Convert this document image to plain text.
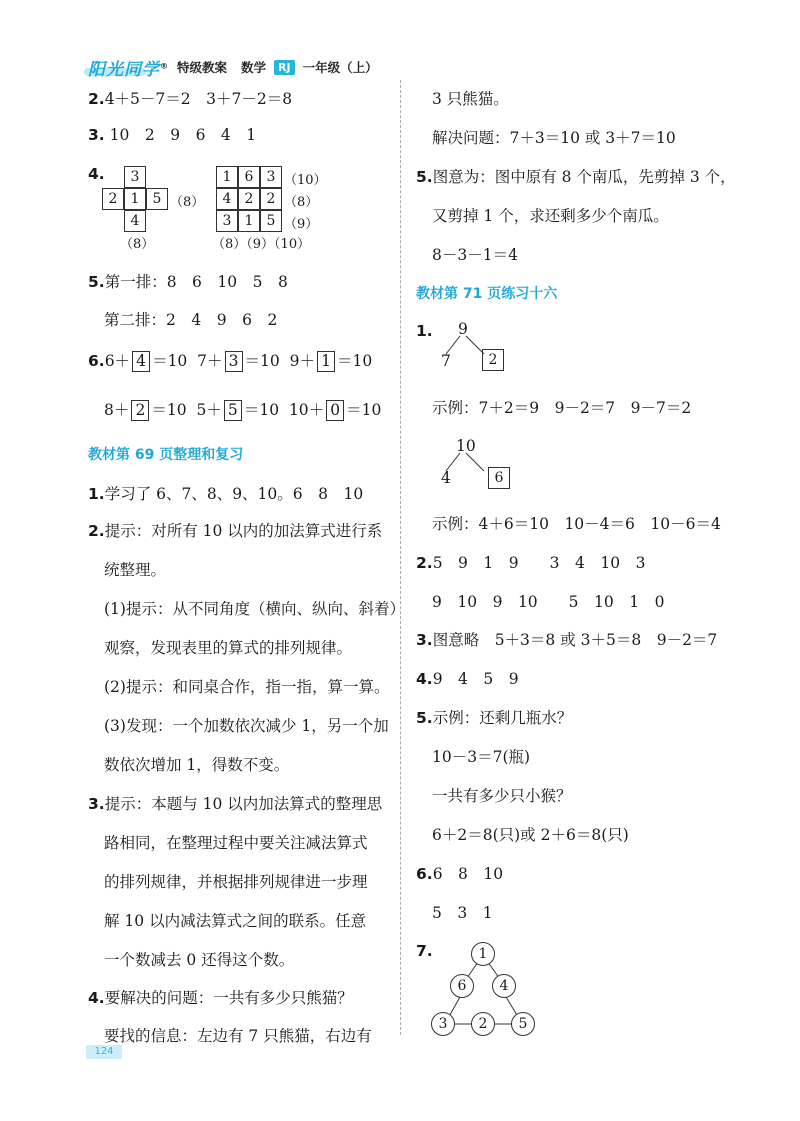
阳光同学® 特级教案 数学	RJ 一年级（上）
2.4＋5－7＝2　3＋7－2＝8
3. 10　2　9　6　4　1
4.	3
2 1 5
4
（8）
（8）
1 6 3
4 2 2
3 1 5
（10）
（8）
（9）
（8）（9）（10）
5.第一排：8　6　10　5　8
第二排：2　4　9　6　2
6.6＋ 4 ＝10 7＋ 3 ＝10 9＋ 1 ＝10
8＋ 2 ＝10 5＋ 5 ＝10 10＋ 0 ＝10
教材第 69 页整理和复习
1.学习了 6、7、8、9、10。6　8　10
2.提示：对所有 10 以内的加法算式进行系
统整理。
(1)提示：从不同角度（横向、纵向、斜着）
观察，发现表里的算式的排列规律。
(2)提示：和同桌合作，指一指，算一算。
(3)发现：一个加数依次减少 1，另一个加
数依次增加 1，得数不变。
3.提示：本题与 10 以内加法算式的整理思
路相同，在整理过程中要关注减法算式
的排列规律，并根据排列规律进一步理
解 10 以内减法算式之间的联系。任意
一个数减去 0 还得这个数。
4.要解决的问题：一共有多少只熊猫？
要找的信息：左边有 7 只熊猫，右边有
3 只熊猫。
解决问题：7＋3＝10 或 3＋7＝10
5.图意为：图中原有 8 个南瓜，先剪掉 3 个，
又剪掉 1 个，求还剩多少个南瓜。
8－3－1＝4
教材第 71 页练习十六
1. 9
7	2
示例：7＋2＝9　9－2＝7　9－7＝2
10
4	6
示例：4＋6＝10　10－4＝6　10－6＝4
2.5　9　1　9　　3　4　10　3
9　10　9　10　　5　10　1　0
3.图意略　5＋3＝8 或 3＋5＝8　9－2＝7
4.9　4　5　9
5.示例：还剩几瓶水？
10－3＝7(瓶)
一共有多少只小猴？
6＋2＝8(只)或 2＋6＝8(只)
6.6　8　10
5　3　1
7.	1
6	4
3	2	5
124
